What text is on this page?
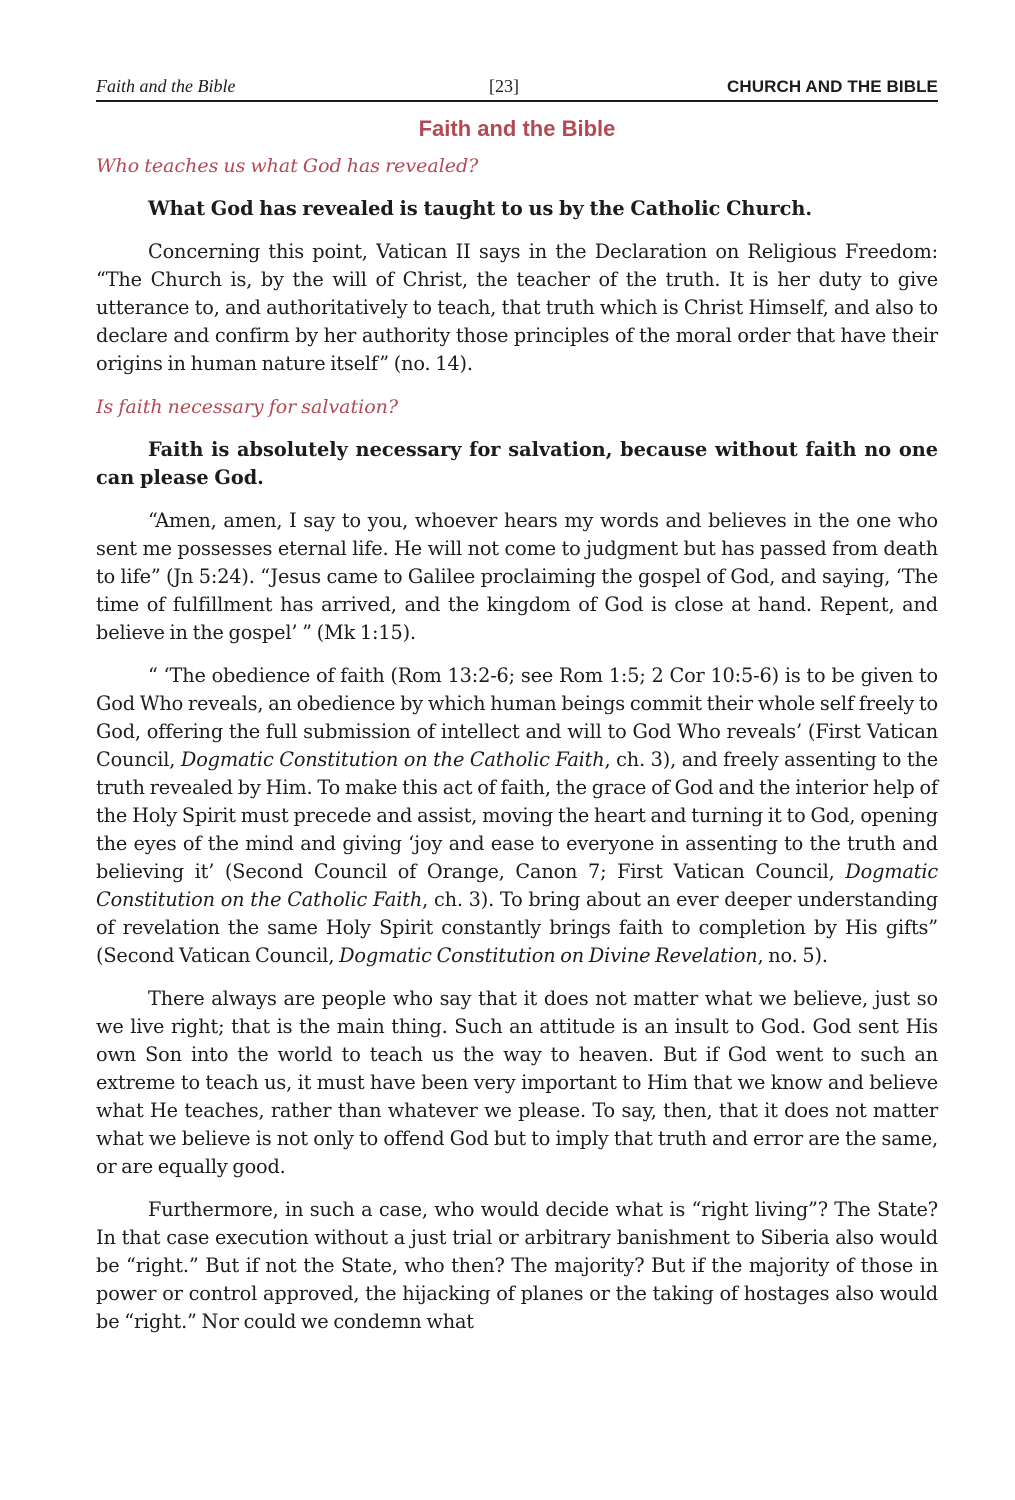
Faith and the Bible	[23]	CHURCH AND THE BIBLE
Faith and the Bible

Who teaches us what God has revealed?

What God has revealed is taught to us by the Catholic Church.

Concerning this point, Vatican II says in the Declaration on Religious Freedom: “The Church is, by the will of Christ, the teacher of the truth. It is her duty to give utterance to, and authoritatively to teach, that truth which is Christ Himself, and also to declare and confirm by her authority those principles of the moral order that have their origins in human nature itself” (no. 14).

Is faith necessary for salvation?

Faith is absolutely necessary for salvation, because without faith no one can please God.

“Amen, amen, I say to you, whoever hears my words and believes in the one who sent me possesses eternal life. He will not come to judgment but has passed from death to life” (Jn 5:24). “Jesus came to Galilee proclaiming the gospel of God, and saying, ‘The time of fulfillment has arrived, and the kingdom of God is close at hand. Repent, and believe in the gospel’ ” (Mk 1:15).

“ ‘The obedience of faith (Rom 13:2-6; see Rom 1:5; 2 Cor 10:5-6) is to be given to God Who reveals, an obedience by which human beings commit their whole self freely to God, offering the full submission of intellect and will to God Who reveals’ (First Vatican Council, Dogmatic Constitution on the Catholic Faith, ch. 3), and freely assenting to the truth revealed by Him. To make this act of faith, the grace of God and the interior help of the Holy Spirit must precede and assist, moving the heart and turning it to God, opening the eyes of the mind and giving ‘joy and ease to everyone in assenting to the truth and believing it’ (Second Council of Orange, Canon 7; First Vatican Council, Dogmatic Constitution on the Catholic Faith, ch. 3). To bring about an ever deeper understanding of revelation the same Holy Spirit constantly brings faith to completion by His gifts” (Second Vatican Council, Dogmatic Constitution on Divine Revelation, no. 5).

There always are people who say that it does not matter what we believe, just so we live right; that is the main thing. Such an attitude is an insult to God. God sent His own Son into the world to teach us the way to heaven. But if God went to such an extreme to teach us, it must have been very important to Him that we know and believe what He teaches, rather than whatever we please. To say, then, that it does not matter what we believe is not only to offend God but to imply that truth and error are the same, or are equally good.

Furthermore, in such a case, who would decide what is “right living”? The State? In that case execution without a just trial or arbitrary banishment to Siberia also would be “right.” But if not the State, who then? The majority? But if the majority of those in power or control approved, the hijacking of planes or the taking of hostages also would be “right.” Nor could we condemn what
